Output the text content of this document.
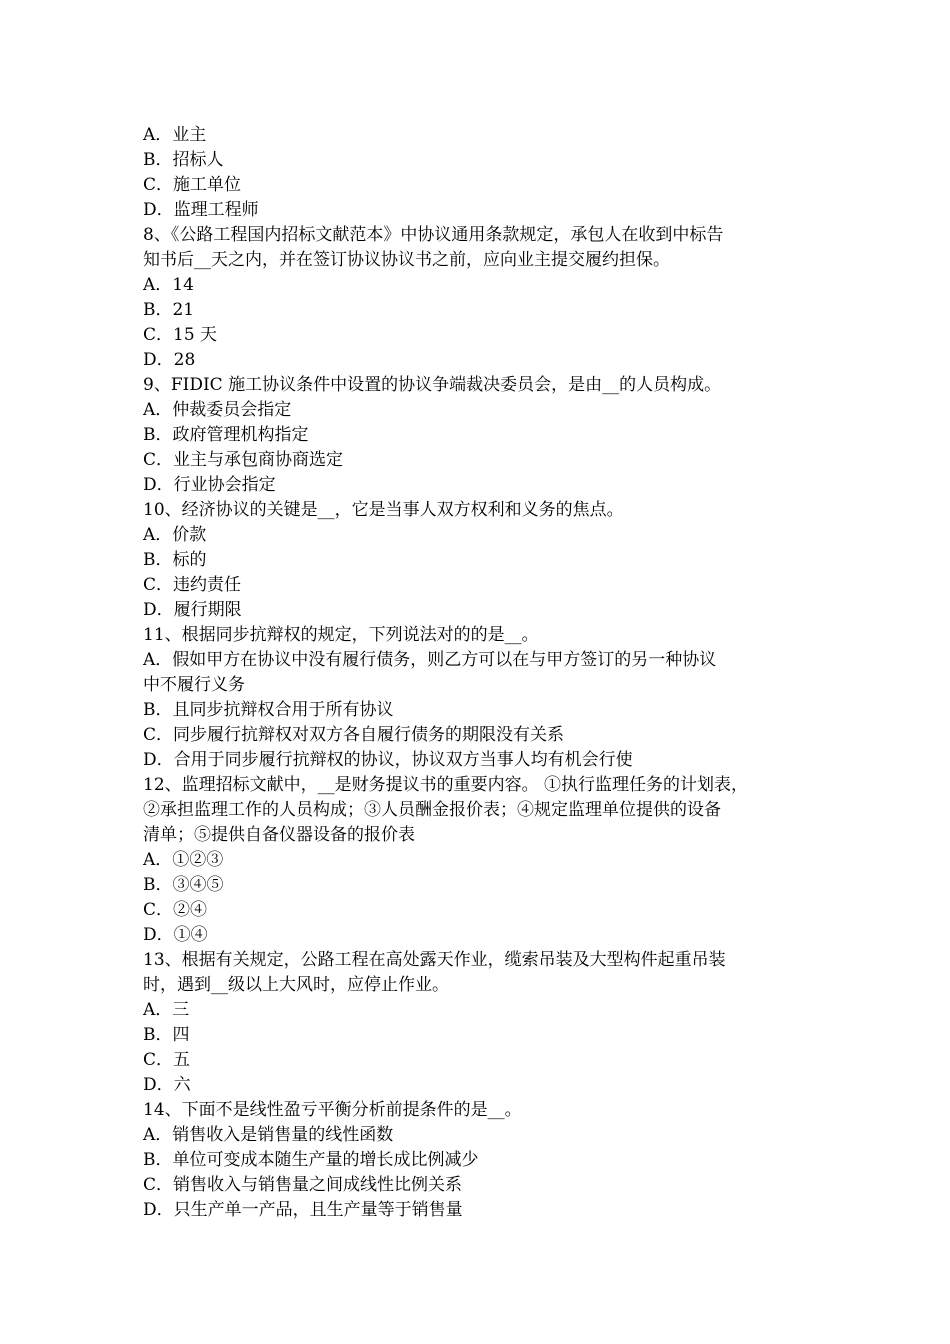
A．业主
B．招标人
C．施工单位
D．监理工程师
8、《公路工程国内招标文献范本》中协议通用条款规定，承包人在收到中标告
知书后__天之内，并在签订协议协议书之前，应向业主提交履约担保。
A．14
B．21
C．15 天
D．28
9、FIDIC 施工协议条件中设置的协议争端裁决委员会，是由__的人员构成。
A．仲裁委员会指定
B．政府管理机构指定
C．业主与承包商协商选定
D．行业协会指定
10、经济协议的关键是__，它是当事人双方权利和义务的焦点。
A．价款
B．标的
C．违约责任
D．履行期限
11、根据同步抗辩权的规定，下列说法对的的是__。
A．假如甲方在协议中没有履行债务，则乙方可以在与甲方签订的另一种协议
中不履行义务
B．且同步抗辩权合用于所有协议
C．同步履行抗辩权对双方各自履行债务的期限没有关系
D．合用于同步履行抗辩权的协议，协议双方当事人均有机会行使
12、监理招标文献中，__是财务提议书的重要内容。 ①执行监理任务的计划表，
②承担监理工作的人员构成；③人员酬金报价表；④规定监理单位提供的设备
清单；⑤提供自备仪器设备的报价表
A．①②③
B．③④⑤
C．②④
D．①④
13、根据有关规定，公路工程在高处露天作业，缆索吊装及大型构件起重吊装
时，遇到__级以上大风时，应停止作业。
A．三
B．四
C．五
D．六
14、下面不是线性盈亏平衡分析前提条件的是__。
A．销售收入是销售量的线性函数
B．单位可变成本随生产量的增长成比例减少
C．销售收入与销售量之间成线性比例关系
D．只生产单一产品，且生产量等于销售量
